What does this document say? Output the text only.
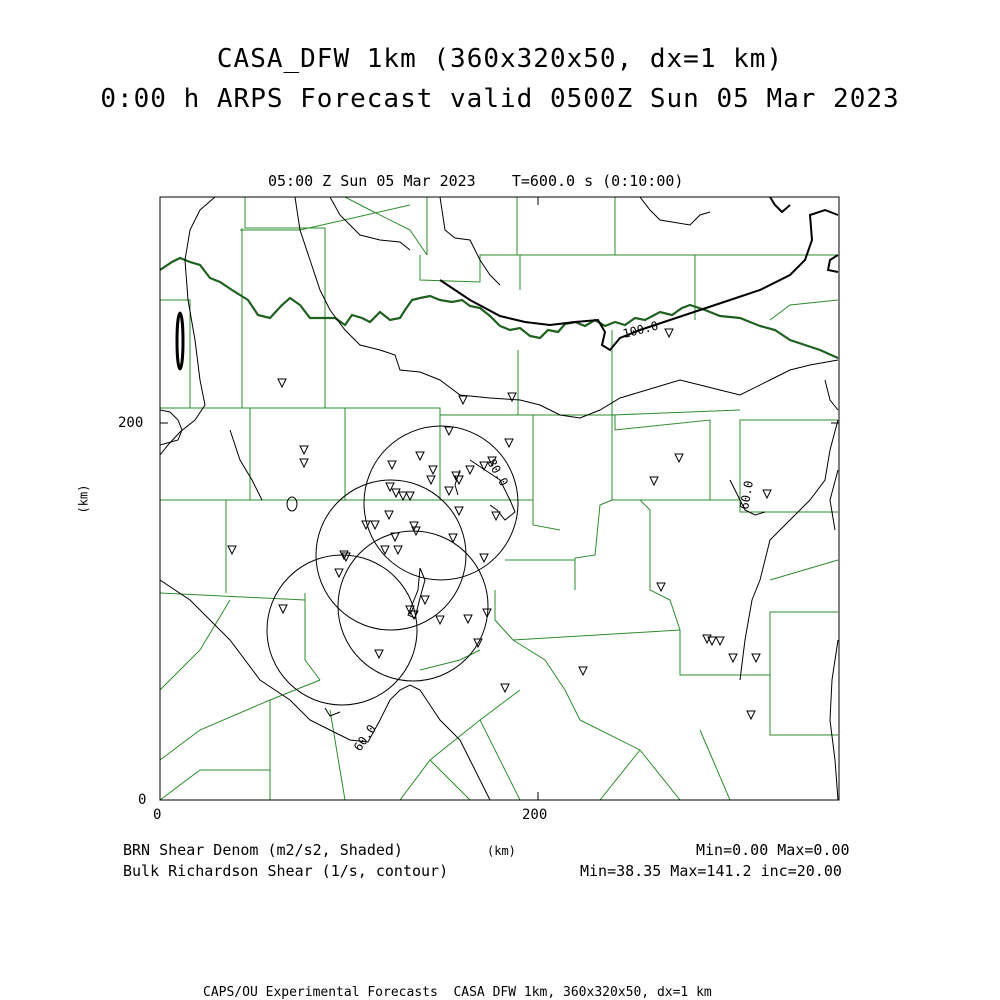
CASA_DFW 1km (360x320x50, dx=1 km)
0:00 h ARPS Forecast valid 0500Z Sun 05 Mar 2023
05:00 Z Sun 05 Mar 2023    T=600.0 s (0:10:00)
100.0
80.0
60.0
60.0
0	200
0
200
(km)
(km)
BRN Shear Denom (m2/s2, Shaded)	Min=0.00 Max=0.00
Bulk Richardson Shear (1/s, contour)	Min=38.35 Max=141.2 inc=20.00
CAPS/OU Experimental Forecasts  CASA DFW 1km, 360x320x50, dx=1 km
